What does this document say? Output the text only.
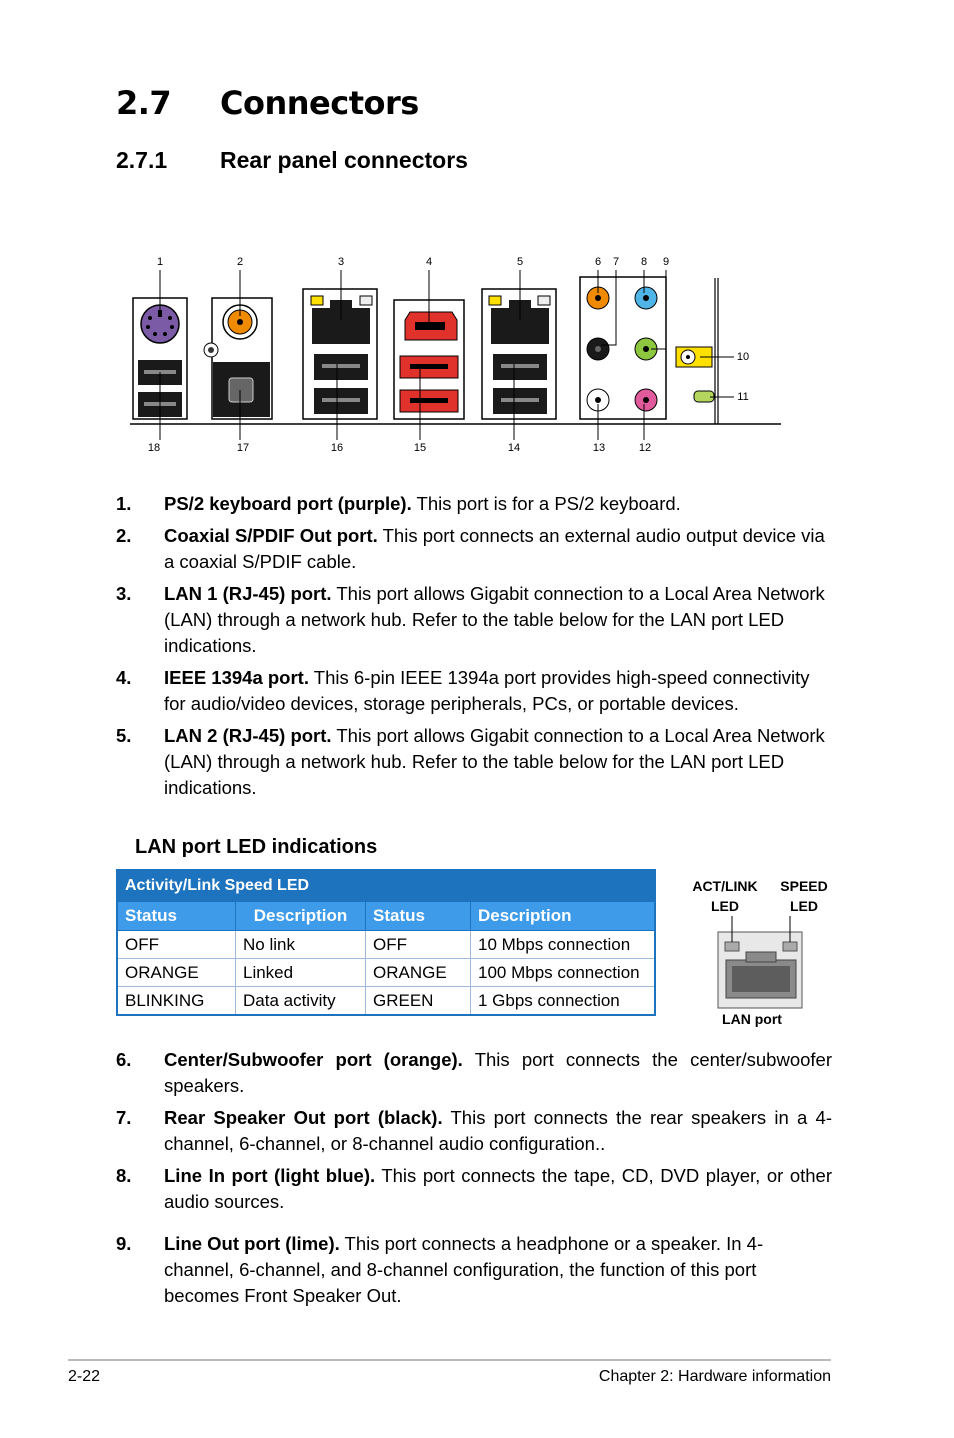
2.7 Connectors
2.7.1 Rear panel connectors
1	2	3	4	5	6 7 8 9
10
11
18	17	16	15	14	13	12
1. PS/2 keyboard port (purple). This port is for a PS/2 keyboard.
2. Coaxial S/PDIF Out port. This port connects an external audio output device via a coaxial S/PDIF cable.
3. LAN 1 (RJ-45) port. This port allows Gigabit connection to a Local Area Network (LAN) through a network hub. Refer to the table below for the LAN port LED indications.
4. IEEE 1394a port. This 6-pin IEEE 1394a port provides high-speed connectivity for audio/video devices, storage peripherals, PCs, or portable devices.
5. LAN 2 (RJ-45) port. This port allows Gigabit connection to a Local Area Network (LAN) through a network hub. Refer to the table below for the LAN port LED indications.
LAN port LED indications
Activity/Link Speed LED			
Status	Description	Status	Description
OFF	No link	OFF	10 Mbps connection
ORANGE	Linked	ORANGE	100 Mbps connection
BLINKING	Data activity	GREEN	1 Gbps connection
ACT/LINK
LED
SPEED
LED
LAN port
6. Center/Subwoofer port (orange). This port connects the center/subwoofer speakers.
7. Rear Speaker Out port (black). This port connects the rear speakers in a 4-channel, 6-channel, or 8-channel audio configuration..
8. Line In port (light blue). This port connects the tape, CD, DVD player, or other audio sources.
9. Line Out port (lime). This port connects a headphone or a speaker. In 4-channel, 6-channel, and 8-channel configuration, the function of this port becomes Front Speaker Out.
2-22	Chapter 2: Hardware information
